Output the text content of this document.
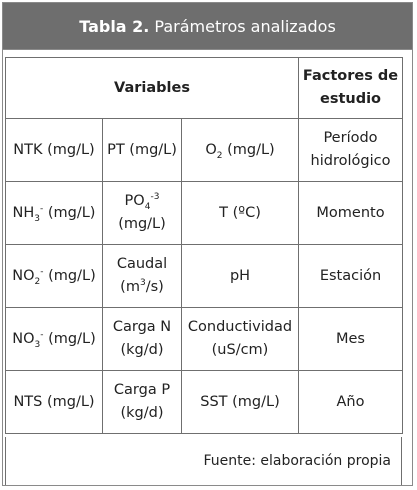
Tabla 2. Parámetros analizados
Variables			Factores de estudio
NTK (mg/L)	PT (mg/L)	$O_2$ (mg/L)	Período hidrológico
$NH_3^-$ (mg/L)	$PO_4^{-3}$ (mg/L)	T (ºC)	Momento
$NO_2^-$ (mg/L)	Caudal $(m^3/s)$	pH	Estación
$NO_3^-$ (mg/L)	Carga N (kg/d)	Conductividad (uS/cm)	Mes
NTS (mg/L)	Carga P (kg/d)	SST (mg/L)	Año
Fuente: elaboración propia
